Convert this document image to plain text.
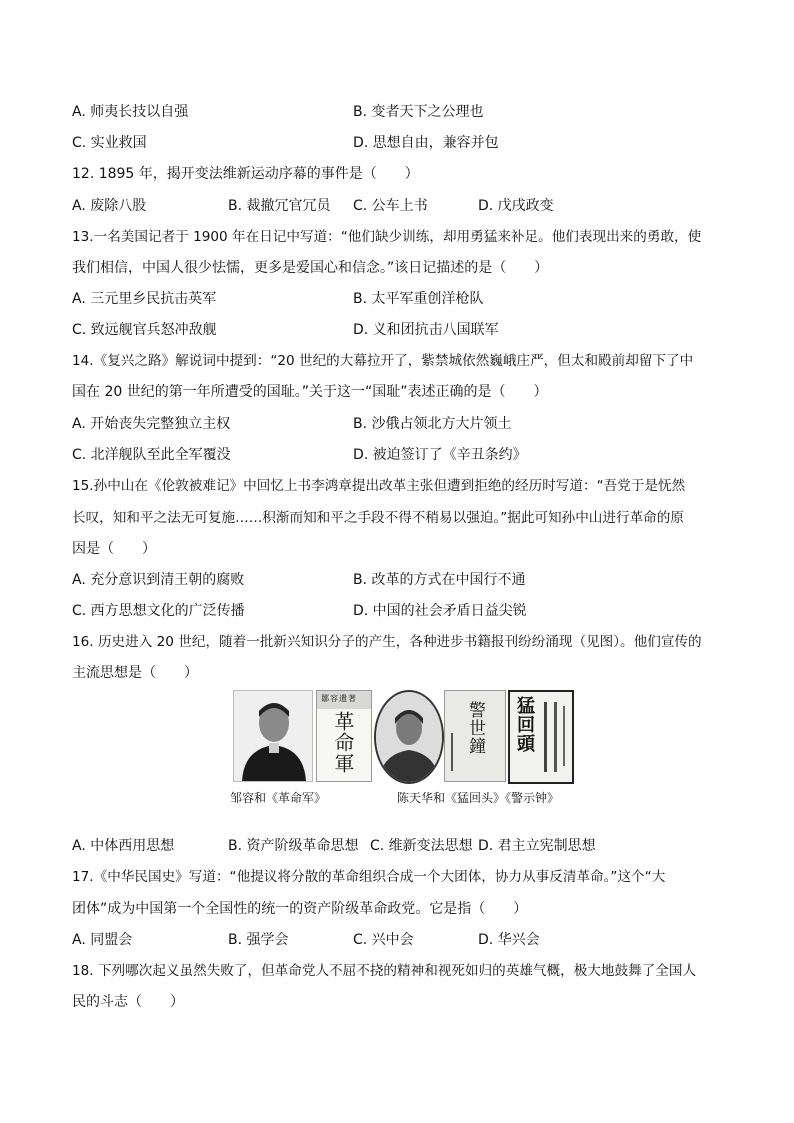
A. 师夷长技以自强	B. 变者天下之公理也
C. 实业救国	D. 思想自由，兼容并包
12. 1895 年，揭开变法维新运动序幕的事件是（　　）
A. 废除八股	B. 裁撤冗官冗员 C. 公车上书	D. 戊戌政变
13.一名美国记者于 1900 年在日记中写道：“他们缺少训练，却用勇猛来补足。他们表现出来的勇敢，使
我们相信，中国人很少怯懦，更多是爱国心和信念。”该日记描述的是（　　）
A. 三元里乡民抗击英军	B. 太平军重创洋枪队
C. 致远舰官兵怒冲敌舰	D. 义和团抗击八国联军
14.《复兴之路》解说词中提到：“20 世纪的大幕拉开了，紫禁城依然巍峨庄严，但太和殿前却留下了中
国在 20 世纪的第一年所遭受的国耻。”关于这一“国耻”表述正确的是（　　）
A. 开始丧失完整独立主权	B. 沙俄占领北方大片领土
C. 北洋舰队至此全军覆没	D. 被迫签订了《辛丑条约》
15.孙中山在《伦敦被难记》中回忆上书李鸿章提出改革主张但遭到拒绝的经历时写道：“吾党于是怃然
长叹，知和平之法无可复施……积渐而知和平之手段不得不稍易以强迫。”据此可知孙中山进行革命的原
因是（　　）
A. 充分意识到清王朝的腐败	B. 改革的方式在中国行不通
C. 西方思想文化的广泛传播	D. 中国的社会矛盾日益尖锐
16. 历史进入 20 世纪，随着一批新兴知识分子的产生，各种进步书籍报刊纷纷涌现（见图）。他们宣传的
主流思想是（　　）
鄒容遺著
革命軍	警世鐘 猛回頭
邹容和《革命军》	陈天华和《猛回头》《警示钟》
A. 中体西用思想	B. 资产阶级革命思想 C. 维新变法思想 D. 君主立宪制思想
17.《中华民国史》写道：“他提议将分散的革命组织合成一个大团体，协力从事反清革命。”这个“大
团体”成为中国第一个全国性的统一的资产阶级革命政党。它是指（　　）
A. 同盟会	B. 强学会	C. 兴中会	D. 华兴会
18. 下列哪次起义虽然失败了，但革命党人不屈不挠的精神和视死如归的英雄气概，极大地鼓舞了全国人
民的斗志（　　）
